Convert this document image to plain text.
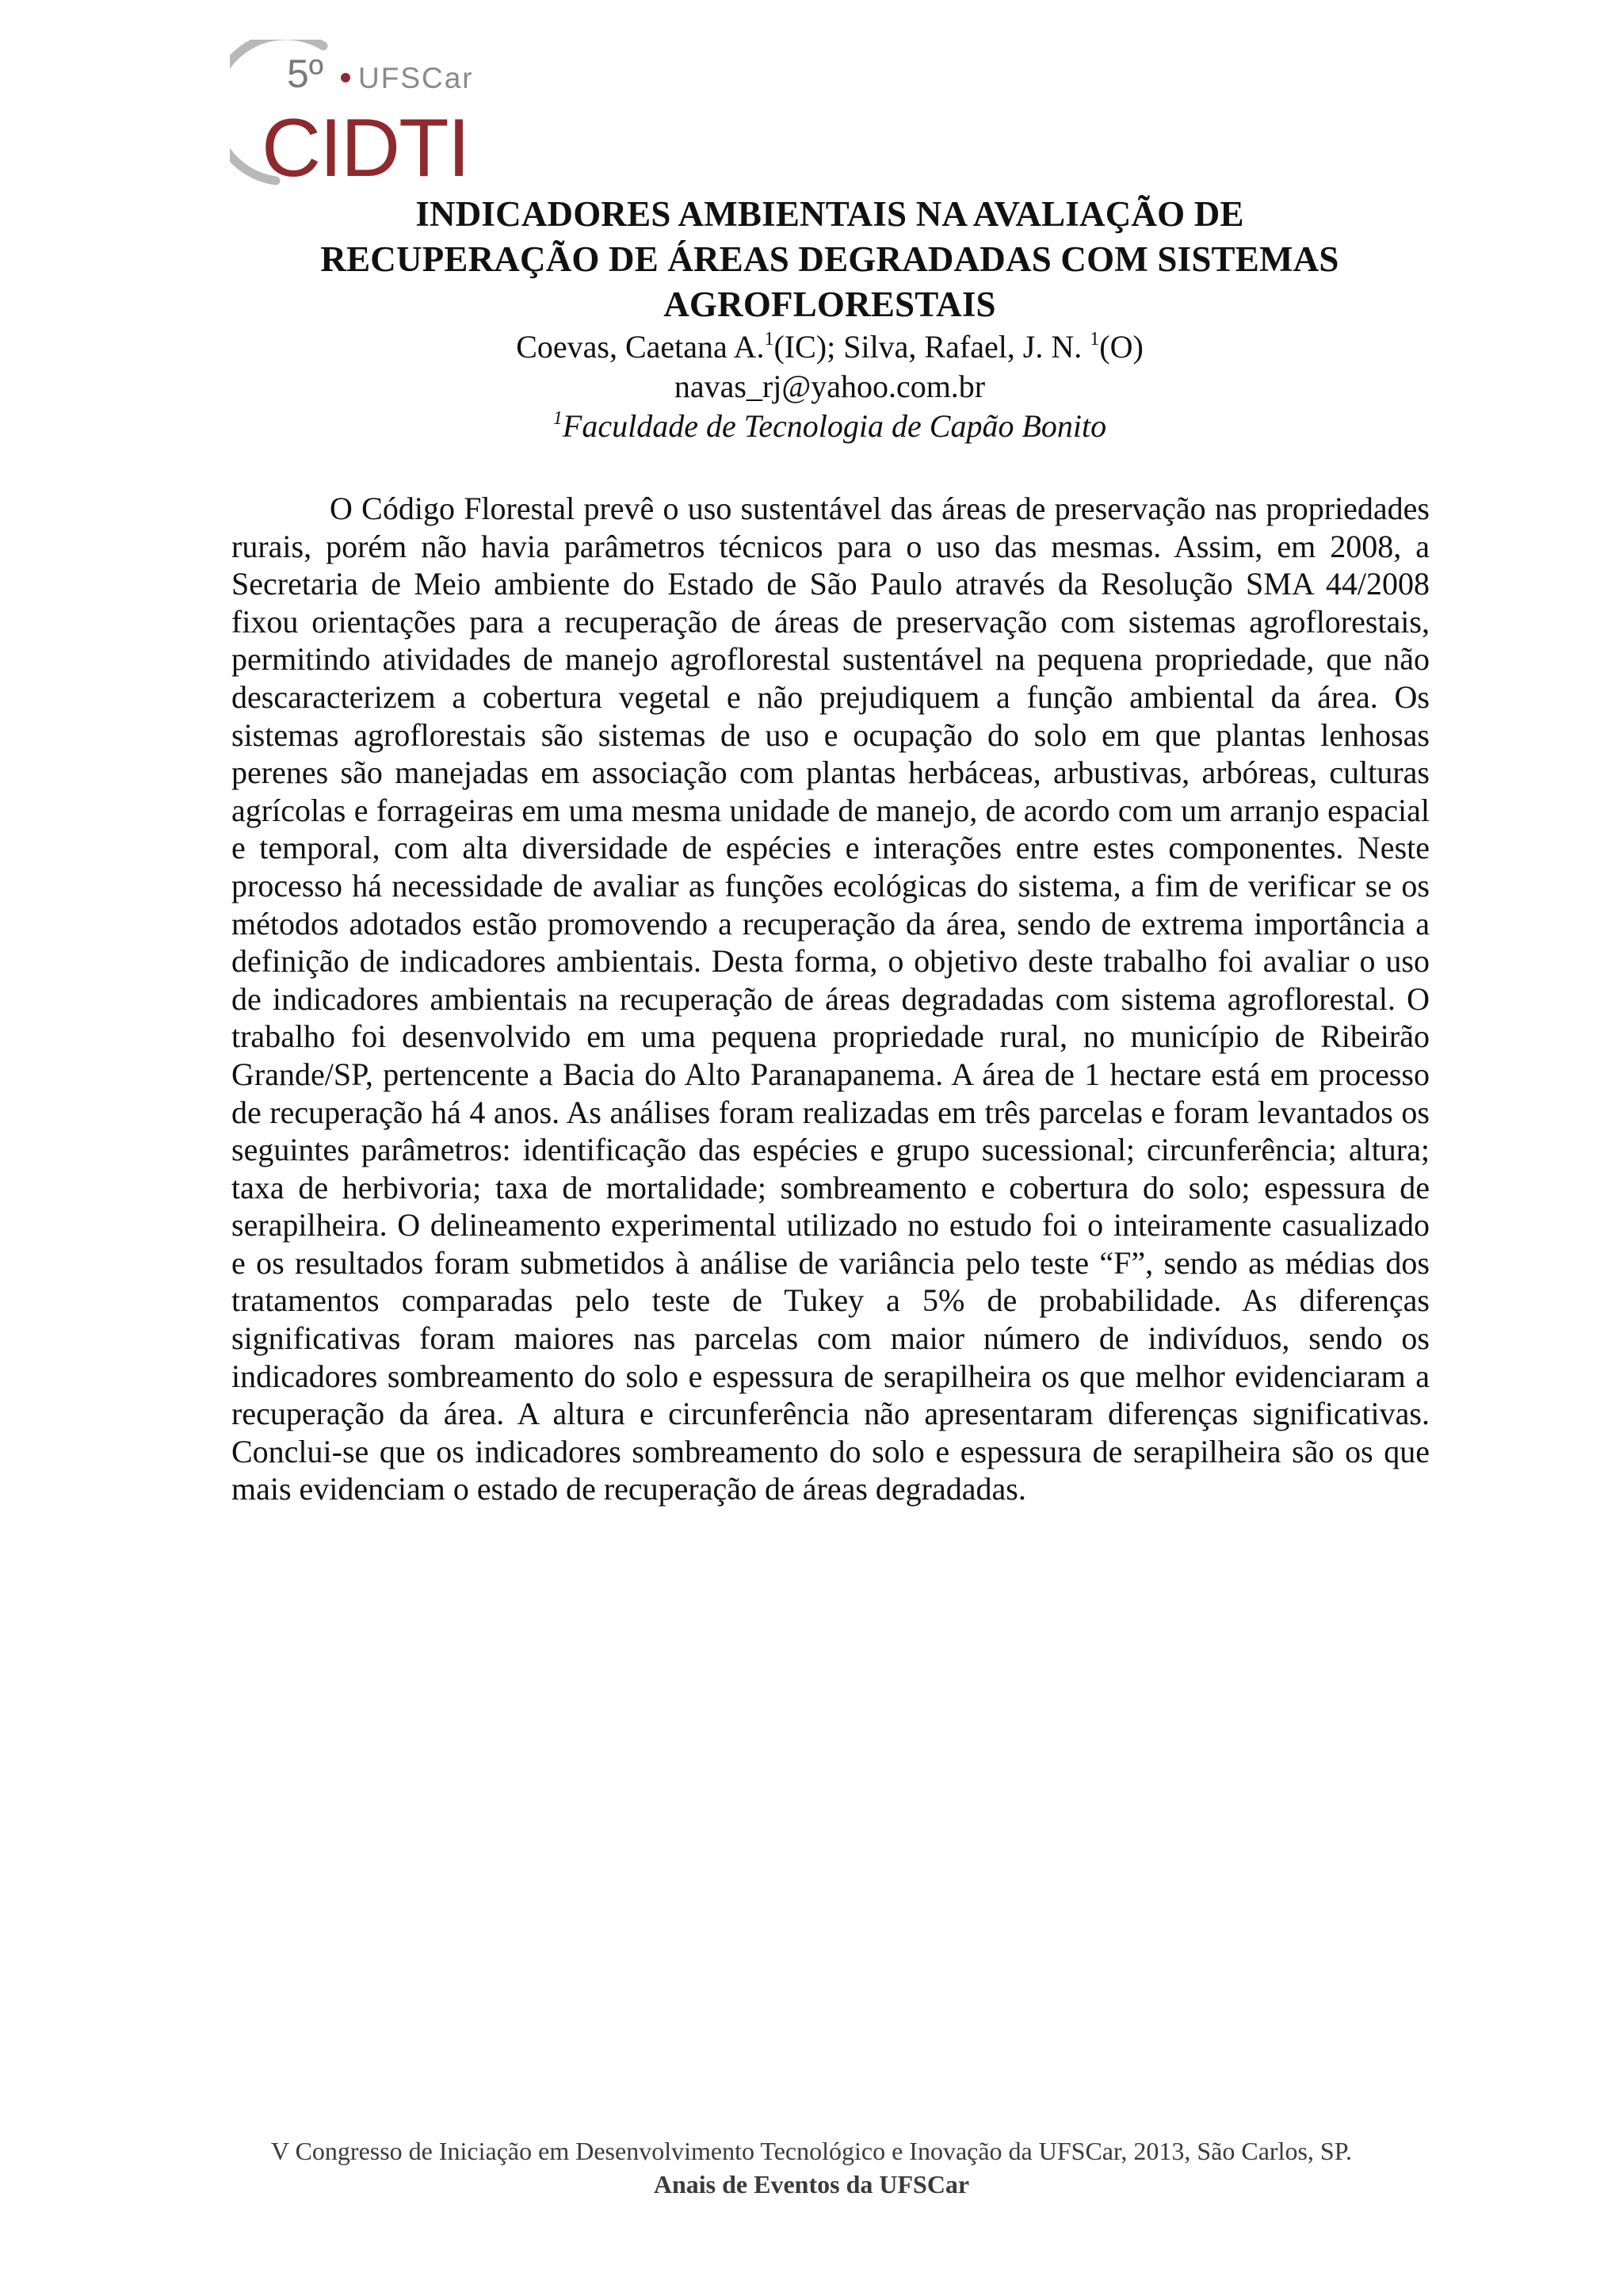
5º UFSCar
CIDTI
INDICADORES AMBIENTAIS NA AVALIAÇÃO DE
RECUPERAÇÃO DE ÁREAS DEGRADADAS COM SISTEMAS
AGROFLORESTAIS

Coevas, Caetana A.$^1$(IC); Silva, Rafael, J. N. $^1$(O)

navas_rj@yahoo.com.br

$^1$Faculdade de Tecnologia de Capão Bonito

O Código Florestal prevê o uso sustentável das áreas de preservação nas propriedades rurais, porém não havia parâmetros técnicos para o uso das mesmas. Assim, em 2008, a Secretaria de Meio ambiente do Estado de São Paulo através da Resolução SMA 44/2008 fixou orientações para a recuperação de áreas de preservação com sistemas agroflorestais, permitindo atividades de manejo agroflorestal sustentável na pequena propriedade, que não descaracterizem a cobertura vegetal e não prejudiquem a função ambiental da área. Os sistemas agroflorestais são sistemas de uso e ocupação do solo em que plantas lenhosas perenes são manejadas em associação com plantas herbáceas, arbustivas, arbóreas, culturas agrícolas e forrageiras em uma mesma unidade de manejo, de acordo com um arranjo espacial e temporal, com alta diversidade de espécies e interações entre estes componentes. Neste processo há necessidade de avaliar as funções ecológicas do sistema, a fim de verificar se os métodos adotados estão promovendo a recuperação da área, sendo de extrema importância a definição de indicadores ambientais. Desta forma, o objetivo deste trabalho foi avaliar o uso de indicadores ambientais na recuperação de áreas degradadas com sistema agroflorestal. O trabalho foi desenvolvido em uma pequena propriedade rural, no município de Ribeirão Grande/SP, pertencente a Bacia do Alto Paranapanema. A área de 1 hectare está em processo de recuperação há 4 anos. As análises foram realizadas em três parcelas e foram levantados os seguintes parâmetros: identificação das espécies e grupo sucessional; circunferência; altura; taxa de herbivoria; taxa de mortalidade; sombreamento e cobertura do solo; espessura de serapilheira. O delineamento experimental utilizado no estudo foi o inteiramente casualizado e os resultados foram submetidos à análise de variância pelo teste “F”, sendo as médias dos tratamentos comparadas pelo teste de Tukey a 5% de probabilidade. As diferenças significativas foram maiores nas parcelas com maior número de indivíduos, sendo os indicadores sombreamento do solo e espessura de serapilheira os que melhor evidenciaram a recuperação da área. A altura e circunferência não apresentaram diferenças significativas. Conclui-se que os indicadores sombreamento do solo e espessura de serapilheira são os que mais evidenciam o estado de recuperação de áreas degradadas.

V Congresso de Iniciação em Desenvolvimento Tecnológico e Inovação da UFSCar, 2013, São Carlos, SP.

Anais de Eventos da UFSCar
